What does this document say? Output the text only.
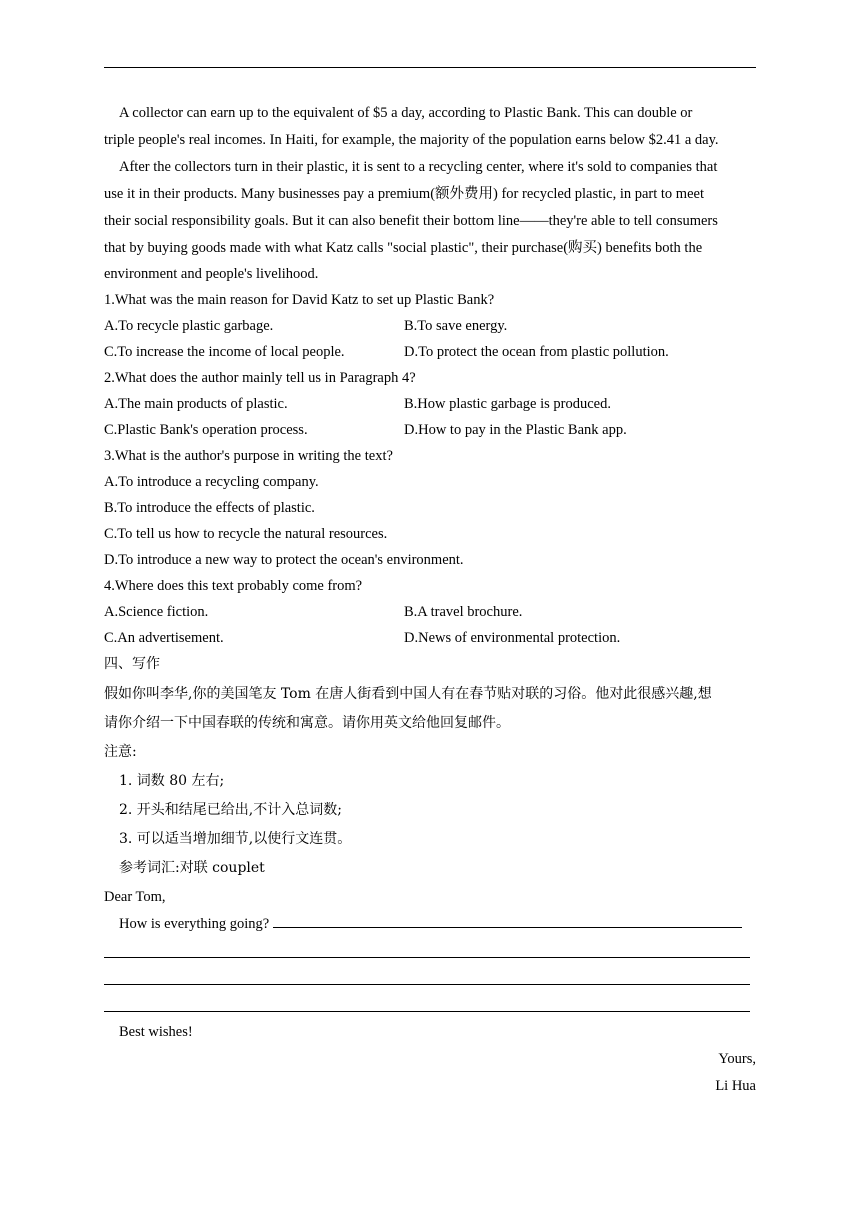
A collector can earn up to the equivalent of $5 a day, according to Plastic Bank. This can double or
triple people's real incomes. In Haiti, for example, the majority of the population earns below $2.41 a day.
After the collectors turn in their plastic, it is sent to a recycling center, where it's sold to companies that
use it in their products. Many businesses pay a premium(额外费用) for recycled plastic, in part to meet
their social responsibility goals. But it can also benefit their bottom line——they're able to tell consumers
that by buying goods made with what Katz calls "social plastic", their purchase(购买) benefits both the
environment and people's livelihood.
1.What was the main reason for David Katz to set up Plastic Bank?
A.To recycle plastic garbage.	B.To save energy.
C.To increase the income of local people.	D.To protect the ocean from plastic pollution.
2.What does the author mainly tell us in Paragraph 4?
A.The main products of plastic.	B.How plastic garbage is produced.
C.Plastic Bank's operation process.	D.How to pay in the Plastic Bank app.
3.What is the author's purpose in writing the text?
A.To introduce a recycling company.
B.To introduce the effects of plastic.
C.To tell us how to recycle the natural resources.
D.To introduce a new way to protect the ocean's environment.
4.Where does this text probably come from?
A.Science fiction.	B.A travel brochure.
C.An advertisement.	D.News of environmental protection.
四、写作
假如你叫李华,你的美国笔友 Tom 在唐人街看到中国人有在春节贴对联的习俗。他对此很感兴趣,想
请你介绍一下中国春联的传统和寓意。请你用英文给他回复邮件。
注意:
1. 词数 80 左右;
2. 开头和结尾已给出,不计入总词数;
3. 可以适当增加细节,以使行文连贯。
参考词汇:对联 couplet
Dear Tom,
How is everything going?
Best wishes!
Yours,
Li Hua
